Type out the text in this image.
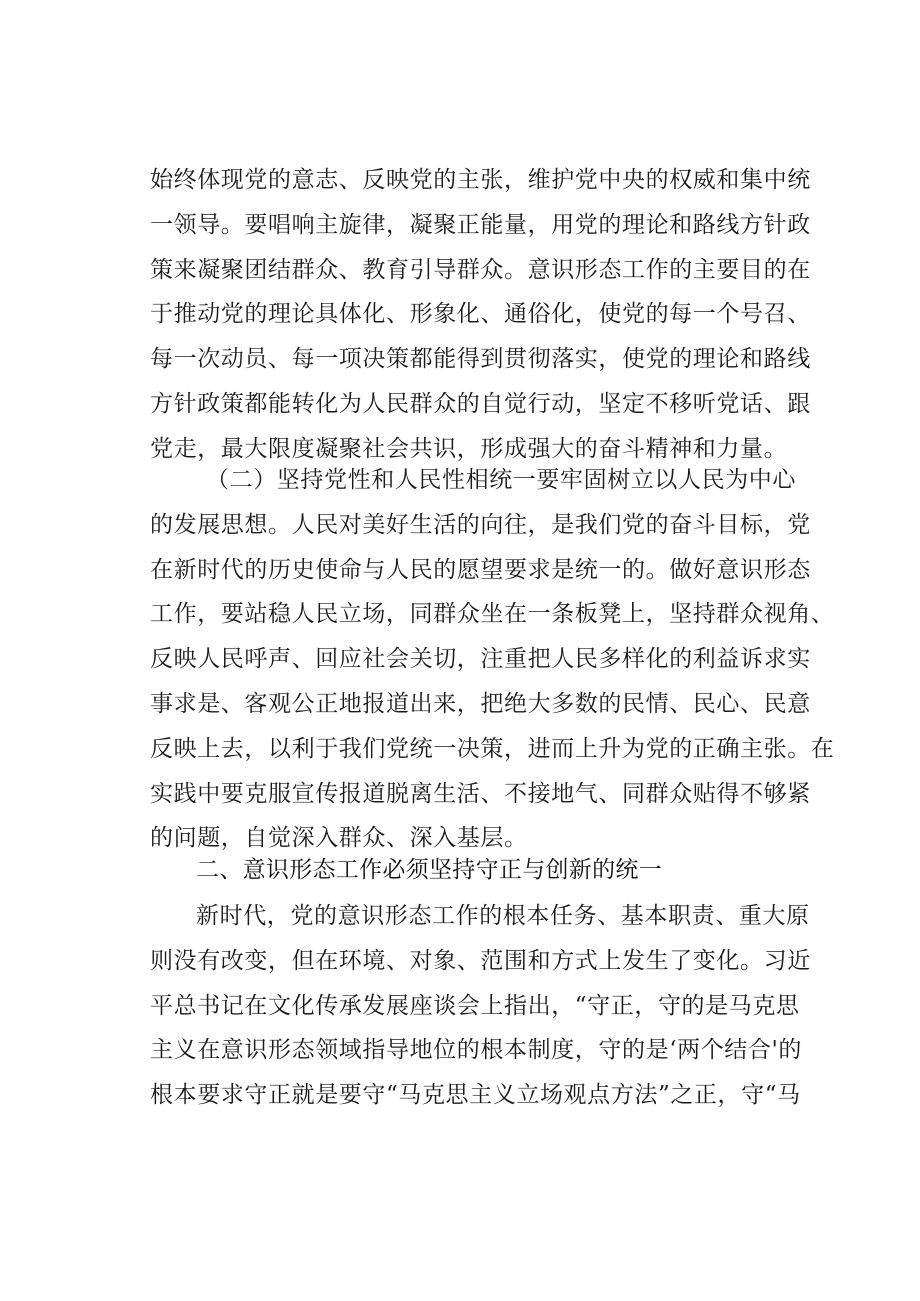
始终体现党的意志、反映党的主张，维护党中央的权威和集中统
一领导。要唱响主旋律，凝聚正能量，用党的理论和路线方针政
策来凝聚团结群众、教育引导群众。意识形态工作的主要目的在
于推动党的理论具体化、形象化、通俗化，使党的每一个号召、
每一次动员、每一项决策都能得到贯彻落实，使党的理论和路线
方针政策都能转化为人民群众的自觉行动，坚定不移听党话、跟
党走，最大限度凝聚社会共识，形成强大的奋斗精神和力量。
（二）坚持党性和人民性相统一要牢固树立以人民为中心
的发展思想。人民对美好生活的向往，是我们党的奋斗目标，党
在新时代的历史使命与人民的愿望要求是统一的。做好意识形态
工作，要站稳人民立场，同群众坐在一条板凳上，坚持群众视角、
反映人民呼声、回应社会关切，注重把人民多样化的利益诉求实
事求是、客观公正地报道出来，把绝大多数的民情、民心、民意
反映上去，以利于我们党统一决策，进而上升为党的正确主张。在
实践中要克服宣传报道脱离生活、不接地气、同群众贴得不够紧
的问题，自觉深入群众、深入基层。
二、意识形态工作必须坚持守正与创新的统一
新时代，党的意识形态工作的根本任务、基本职责、重大原
则没有改变，但在环境、对象、范围和方式上发生了变化。习近
平总书记在文化传承发展座谈会上指出，“守正，守的是马克思
主义在意识形态领域指导地位的根本制度，守的是‘两个结合'的
根本要求守正就是要守“马克思主义立场观点方法”之正，守“马
